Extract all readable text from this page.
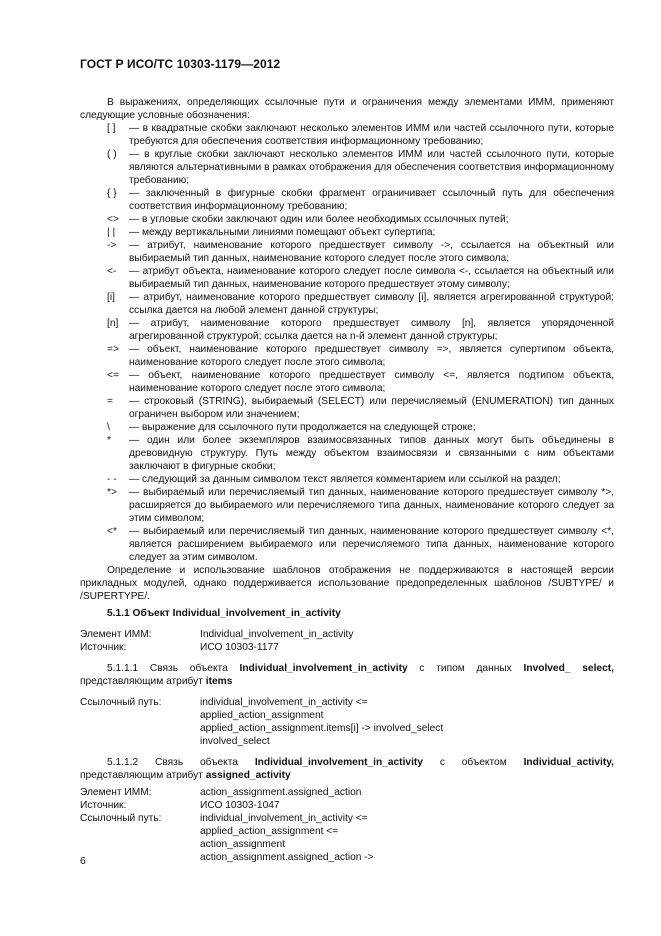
ГОСТ Р ИСО/ТС 10303-1179—2012

В выражениях, определяющих ссылочные пути и ограничения между элементами ИММ, применяют следующие условные обозначения:

[ ]	— в квадратные скобки заключают несколько элементов ИММ или частей ссылочного пути, которые требуются для обеспечения соответствия информационному требованию;
( )	— в круглые скобки заключают несколько элементов ИММ или частей ссылочного пути, которые являются альтернативными в рамках отображения для обеспечения соответствия информационному требованию;
{ }	— заключенный в фигурные скобки фрагмент ограничивает ссылочный путь для обеспечения соответствия информационному требованию;
<> — в угловые скобки заключают один или более необходимых ссылочных путей;
| |	— между вертикальными линиями помещают объект супертипа;
->	— атрибут, наименование которого предшествует символу ->, ссылается на объектный или выбираемый тип данных, наименование которого следует после этого символа;
<-	— атрибут объекта, наименование которого следует после символа <-, ссылается на объектный или выбираемый тип данных, наименование которого предшествует этому символу;
[i]	— атрибут, наименование которого предшествует символу [i], является агрегированной структурой; ссылка дается на любой элемент данной структуры;
[n]	— атрибут, наименование которого предшествует символу [n], является упорядоченной агрегированной структурой; ссылка дается на n-й элемент данной структуры;
=> — объект, наименование которого предшествует символу =>, является супертипом объекта, наименование которого следует после этого символа;
<= — объект, наименование которого предшествует символу <=, является подтипом объекта, наименование которого следует после этого символа;
=	— строковый (STRING), выбираемый (SELECT) или перечисляемый (ENUMERATION) тип данных ограничен выбором или значением;
\	— выражение для ссылочного пути продолжается на следующей строке;
*	— один или более экземпляров взаимосвязанных типов данных могут быть объединены в древовидную структуру. Путь между объектом взаимосвязи и связанными с ним объектами заключают в фигурные скобки;
- -	— следующий за данным символом текст является комментарием или ссылкой на раздел;
*>	— выбираемый или перечисляемый тип данных, наименование которого предшествует символу *>, расширяется до выбираемого или перечисляемого типа данных, наименование которого следует за этим символом;
<*	— выбираемый или перечисляемый тип данных, наименование которого предшествует символу <*, является расширением выбираемого или перечисляемого типа данных, наименование которого следует за этим символом.

Определение и использование шаблонов отображения не поддерживаются в настоящей версии прикладных модулей, однако поддерживается использование предопределенных шаблонов /SUBTYPE/ и /SUPERTYPE/.

5.1.1 Объект Individual_involvement_in_activity
Элемент ИММ:	Individual_involvement_in_activity
Источник:	ИСО 10303-1177

5.1.1.1 Связь объекта Individual_involvement_in_activity с типом данных Involved_ select, представляющим атрибут items

Ссылочный путь:	individual_involvement_in_activity <=
applied_action_assignment
applied_action_assignment.items[i] -> involved_select
involved_select

5.1.1.2 Связь объекта Individual_involvement_in_activity с объектом Individual_activity, представляющим атрибут assigned_activity

Элемент ИММ:	action_assignment.assigned_action
Источник:	ИСО 10303-1047
Ссылочный путь:	individual_involvement_in_activity <=
applied_action_assignment <=
action_assignment
action_assignment.assigned_action ->
6
